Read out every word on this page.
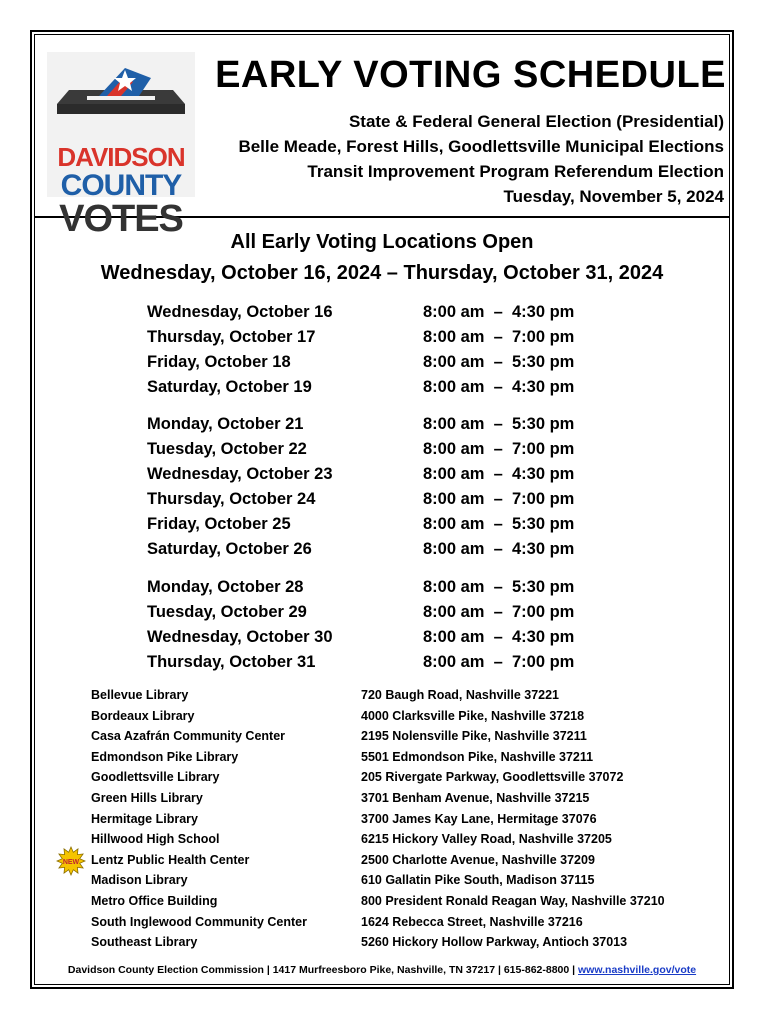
DAVIDSON
COUNTY
VOTES
EARLY VOTING SCHEDULE
State & Federal General Election (Presidential)
Belle Meade, Forest Hills, Goodlettsville Municipal Elections
Transit Improvement Program Referendum Election
Tuesday, November 5, 2024
All Early Voting Locations Open
Wednesday, October 16, 2024 – Thursday, October 31, 2024
Wednesday, October 16	8:00 am  –  4:30 pm
Thursday, October 17	8:00 am  –  7:00 pm
Friday, October 18	8:00 am  –  5:30 pm
Saturday, October 19	8:00 am  –  4:30 pm
Monday, October 21	8:00 am  –  5:30 pm
Tuesday, October 22	8:00 am  –  7:00 pm
Wednesday, October 23	8:00 am  –  4:30 pm
Thursday, October 24	8:00 am  –  7:00 pm
Friday, October 25	8:00 am  –  5:30 pm
Saturday, October 26	8:00 am  –  4:30 pm
Monday, October 28	8:00 am  –  5:30 pm
Tuesday, October 29	8:00 am  –  7:00 pm
Wednesday, October 30	8:00 am  –  4:30 pm
Thursday, October 31	8:00 am  –  7:00 pm
Bellevue Library	720 Baugh Road, Nashville 37221
Bordeaux Library	4000 Clarksville Pike, Nashville 37218
Casa Azafrán Community Center	2195 Nolensville Pike, Nashville 37211
Edmondson Pike Library	5501 Edmondson Pike, Nashville 37211
Goodlettsville Library	205 Rivergate Parkway, Goodlettsville 37072
Green Hills Library	3701 Benham Avenue, Nashville 37215
Hermitage Library	3700 James Kay Lane, Hermitage 37076
Hillwood High School	6215 Hickory Valley Road, Nashville 37205
Lentz Public Health Center	2500 Charlotte Avenue, Nashville 37209
Madison Library	610 Gallatin Pike South, Madison 37115
Metro Office Building	800 President Ronald Reagan Way, Nashville 37210
South Inglewood Community Center	1624 Rebecca Street, Nashville 37216
Southeast Library	5260 Hickory Hollow Parkway, Antioch 37013
NEW
Davidson County Election Commission | 1417 Murfreesboro Pike, Nashville, TN 37217 | 615-862-8800 | www.nashville.gov/vote
